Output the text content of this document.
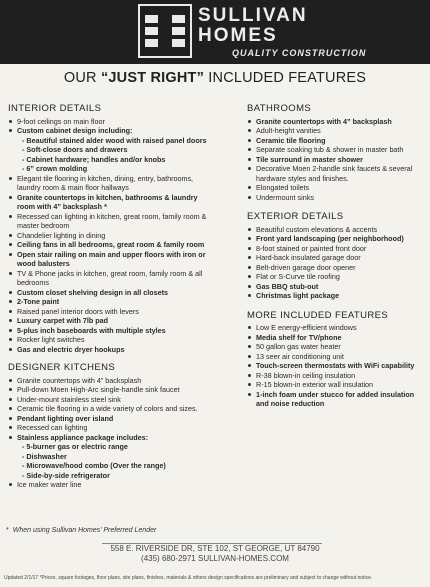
SULLIVAN
HOMES
QUALITY CONSTRUCTION
OUR “JUST RIGHT” INCLUDED FEATURES
INTERIOR DETAILS
9-foot ceilings on main floor
Custom cabinet design including:
- Beautiful stained alder wood with raised panel doors
- Soft-close doors and drawers
- Cabinet hardware; handles and/or knobs
- 6” crown molding
Elegant tile flooring in kitchen, dining, entry, bathrooms, laundry room & main floor hallways
Granite countertops in kitchen, bathrooms & laundry room with 4” backsplash *
Recessed can lighting in kitchen, great room, family room & master bedroom
Chandelier lighting in dining
Ceiling fans in all bedrooms, great room & family room
Open stair railing on main and upper floors with iron or wood balusters
TV & Phone jacks in kitchen, great room, family room & all bedrooms
Custom closet shelving design in all closets
2-Tone paint
Raised panel interior doors with levers
Luxury carpet with 7lb pad
5-plus inch baseboards with multiple styles
Rocker light switches
Gas and electric dryer hookups
DESIGNER KITCHENS
Granite countertops with 4” backsplash
Pull-down Moen High-Arc single-handle sink faucet
Under-mount stainless steel sink
Ceramic tile flooring in a wide variety of colors and sizes.
Pendant lighting over island
Recessed can lighting
Stainless appliance package includes:
- 5-burner gas or electric range
- Dishwasher
- Microwave/hood combo (Over the range)
- Side-by-side refrigerator
Ice maker water line
BATHROOMS
Granite countertops with 4” backsplash
Adult-height vanities
Ceramic tile flooring
Separate soaking tub & shower in master bath
Tile surround in master shower
Decorative Moen 2-handle sink faucets & several hardware styles and finishes.
Elongated toilets
Undermount sinks
EXTERIOR DETAILS
Beautiful custom elevations & accents
Front yard landscaping (per neighborhood)
8-foot stained or painted front door
Hard-back insulated garage door
Belt-driven garage door opener
Flat or S-Curve tile roofing
Gas BBQ stub-out
Christmas light package
MORE INCLUDED FEATURES
Low E energy-efficient windows
Media shelf for TV/phone
50 gallon gas water heater
13 seer air conditioning unit
Touch-screen thermostats with WiFi capability
R-38 blown-in ceiling insulation
R-15 blown-in exterior wall insulation
1-inch foam under stucco for added insulation and noise reduction
* When using Sullivan Homes’ Preferred Lender
558 E. RIVERSIDE DR, STE 102, ST GEORGE, UT 84790
(435) 680-2971 SULLIVAN-HOMES.COM
Updated 2/1/17 *Prices, square footages, floor plans, site plans, finishes, materials & others design specifications are preliminary and subject to change without notice.
